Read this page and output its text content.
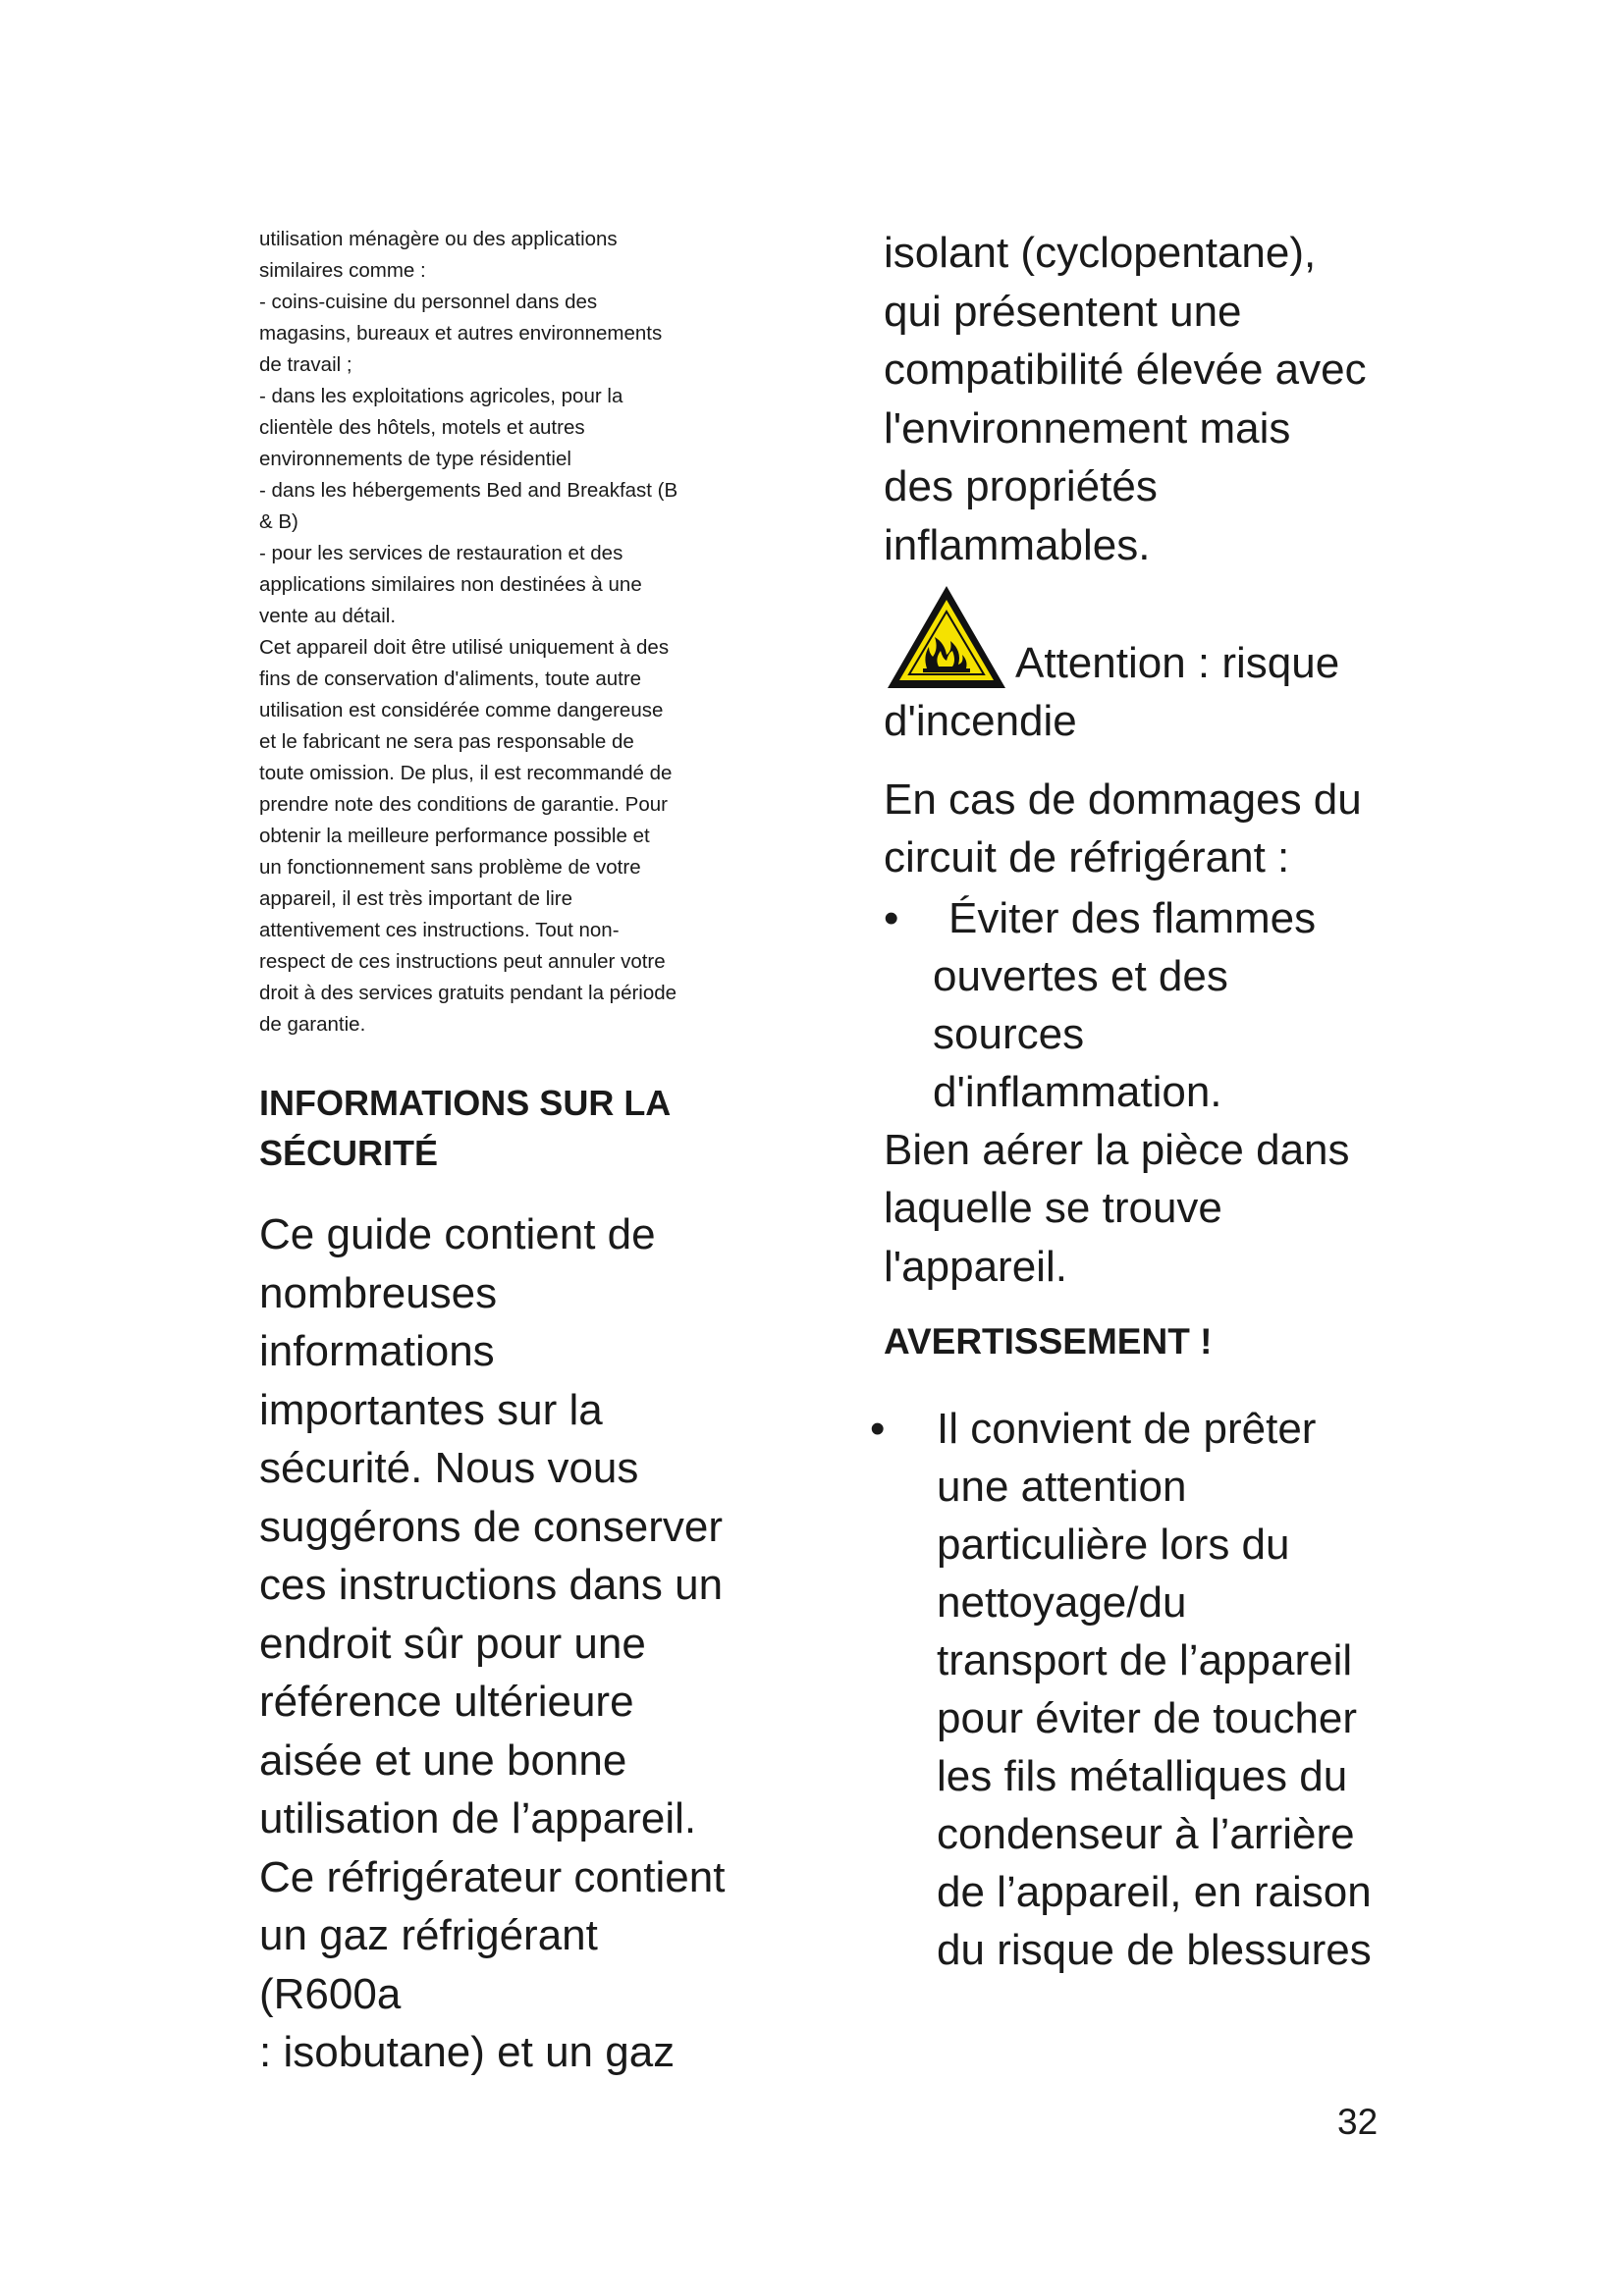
utilisation ménagère ou des applications

similaires comme :

- coins-cuisine du personnel dans des

magasins, bureaux et autres environnements

de travail ;

- dans les exploitations agricoles, pour la

clientèle des hôtels, motels et autres

environnements de type résidentiel

- dans les hébergements Bed and Breakfast (B

& B)

- pour les services de restauration et des

applications similaires non destinées à une

vente au détail.

Cet appareil doit être utilisé uniquement à des

fins de conservation d'aliments, toute autre

utilisation est considérée comme dangereuse

et le fabricant ne sera pas responsable de

toute omission. De plus, il est recommandé de

prendre note des conditions de garantie. Pour

obtenir la meilleure performance possible et

un fonctionnement sans problème de votre

appareil, il est très important de lire

attentivement ces instructions. Tout non-

respect de ces instructions peut annuler votre

droit à des services gratuits pendant la période

de garantie.

INFORMATIONS SUR LA

SÉCURITÉ

Ce guide contient de

nombreuses

informations

importantes sur la

sécurité. Nous vous

suggérons de conserver

ces instructions dans un

endroit sûr pour une

référence ultérieure

aisée et une bonne

utilisation de l’appareil.

Ce réfrigérateur contient

un gaz réfrigérant (R600a

: isobutane) et un gaz

isolant (cyclopentane),

qui présentent une

compatibilité élevée avec

l'environnement mais

des propriétés

inflammables.

Attention : risque

d'incendie

En cas de dommages du

circuit de réfrigérant :

•	Éviter des flammes
ouvertes et des
sources
d'inflammation.

Bien aérer la pièce dans

laquelle se trouve

l'appareil.

AVERTISSEMENT !

• Il convient de prêter
une attention
particulière lors du
nettoyage/du
transport de l’appareil
pour éviter de toucher
les fils métalliques du
condenseur à l’arrière
de l’appareil, en raison
du risque de blessures
32
